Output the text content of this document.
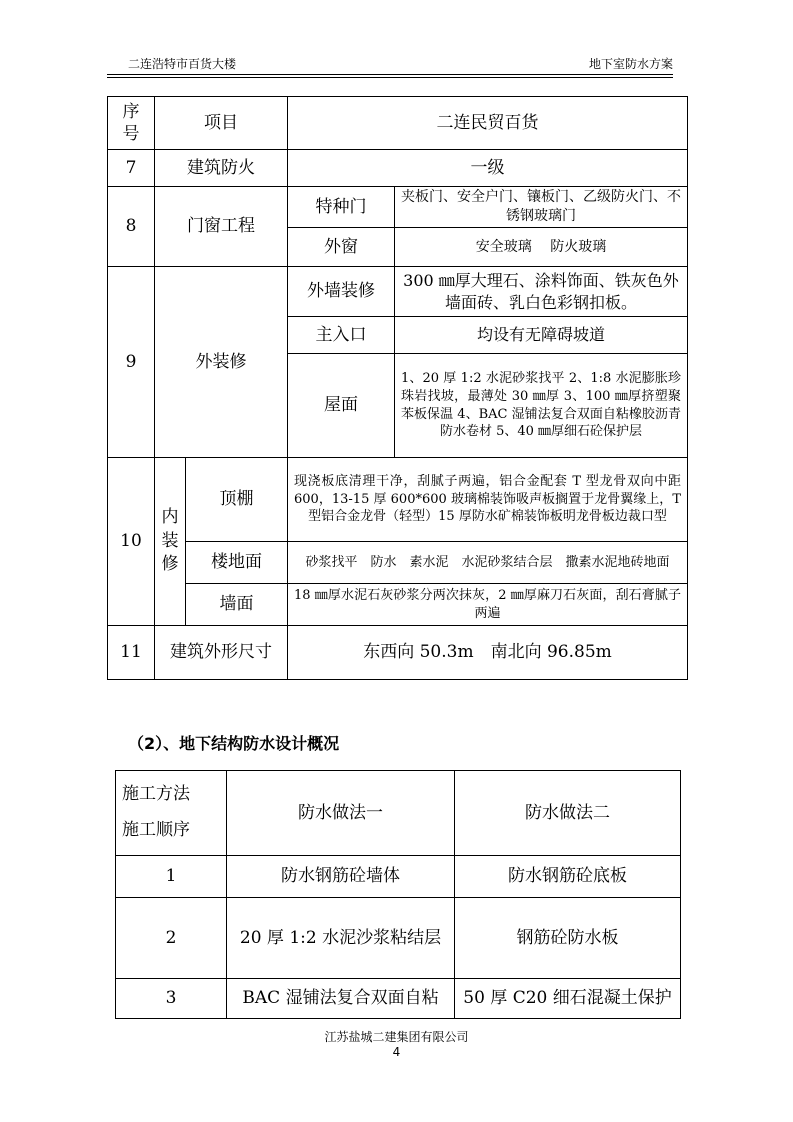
二连浩特市百货大楼	地下室防水方案
序号	项目		二连民贸百货	
7	建筑防火		一级	
8	门窗工程		特种门	夹板门、安全户门、镶板门、乙级防火门、不锈钢玻璃门
			外窗	安全玻璃　 防火玻璃
9	外装修		外墙装修	300 ㎜厚大理石、涂料饰面、铁灰色外墙面砖、乳白色彩钢扣板。
			主入口	均设有无障碍坡道
			屋面	1、20 厚 1:2 水泥砂浆找平 2、1:8 水泥膨胀珍珠岩找坡，最薄处 30 ㎜厚 3、100 ㎜厚挤塑聚苯板保温 4、BAC 湿铺法复合双面自粘橡胶沥青防水卷材 5、40 ㎜厚细石砼保护层
10	内装修	顶棚	现浇板底清理干净，刮腻子两遍，铝合金配套 T 型龙骨双向中距 600，13-15 厚 600*600 玻璃棉装饰吸声板搁置于龙骨翼缘上，T 型铝合金龙骨（轻型）15 厚防水矿棉装饰板明龙骨板边裁口型	
		楼地面	砂浆找平　防水　素水泥　水泥砂浆结合层　撒素水泥地砖地面	
		墙面	18 ㎜厚水泥石灰砂浆分两次抹灰，2 ㎜厚麻刀石灰面，刮石膏腻子两遍	
11	建筑外形尺寸		东西向 50.3m　南北向 96.85m	
（2）、地下结构防水设计概况
施工方法
施工顺序	防水做法一	防水做法二
1	防水钢筋砼墙体	防水钢筋砼底板
2	20 厚 1:2 水泥沙浆粘结层	钢筋砼防水板
3	BAC 湿铺法复合双面自粘	50 厚 C20 细石混凝土保护
江苏盐城二建集团有限公司
4
